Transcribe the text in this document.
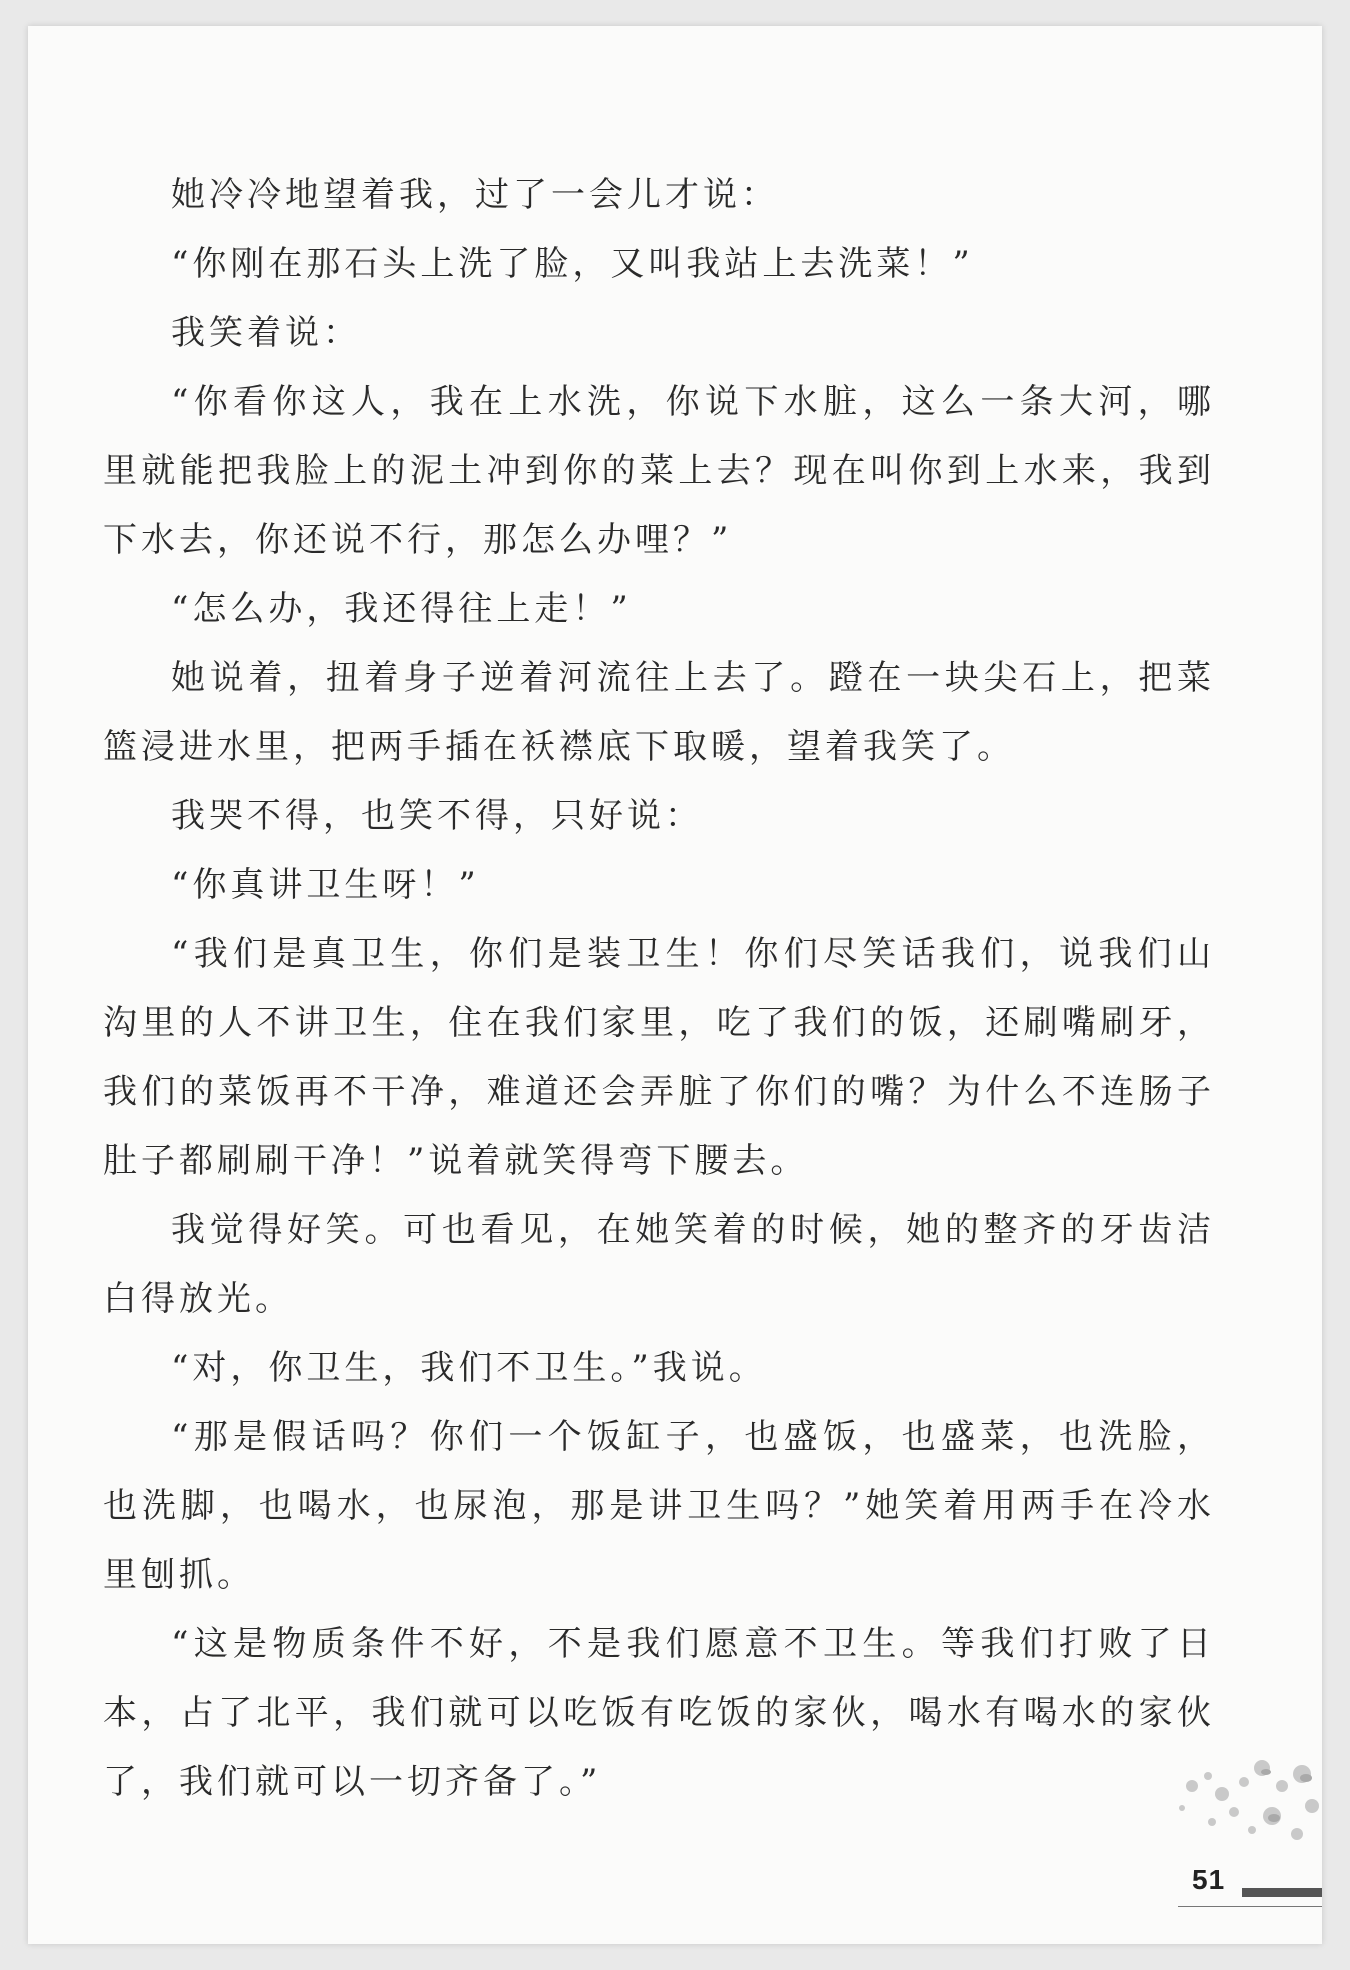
她冷冷地望着我，过了一会儿才说：

“你刚在那石头上洗了脸，又叫我站上去洗菜！”

我笑着说：

“你看你这人，我在上水洗，你说下水脏，这么一条大河，哪里就能把我脸上的泥土冲到你的菜上去？现在叫你到上水来，我到下水去，你还说不行，那怎么办哩？”

“怎么办，我还得往上走！”

她说着，扭着身子逆着河流往上去了。蹬在一块尖石上，把菜篮浸进水里，把两手插在袄襟底下取暖，望着我笑了。

我哭不得，也笑不得，只好说：

“你真讲卫生呀！”

“我们是真卫生，你们是装卫生！你们尽笑话我们，说我们山沟里的人不讲卫生，住在我们家里，吃了我们的饭，还刷嘴刷牙，我们的菜饭再不干净，难道还会弄脏了你们的嘴？为什么不连肠子肚子都刷刷干净！”说着就笑得弯下腰去。

我觉得好笑。可也看见，在她笑着的时候，她的整齐的牙齿洁白得放光。

“对，你卫生，我们不卫生。”我说。

“那是假话吗？你们一个饭缸子，也盛饭，也盛菜，也洗脸，也洗脚，也喝水，也尿泡，那是讲卫生吗？”她笑着用两手在冷水里刨抓。

“这是物质条件不好，不是我们愿意不卫生。等我们打败了日本，占了北平，我们就可以吃饭有吃饭的家伙，喝水有喝水的家伙了，我们就可以一切齐备了。”

51
